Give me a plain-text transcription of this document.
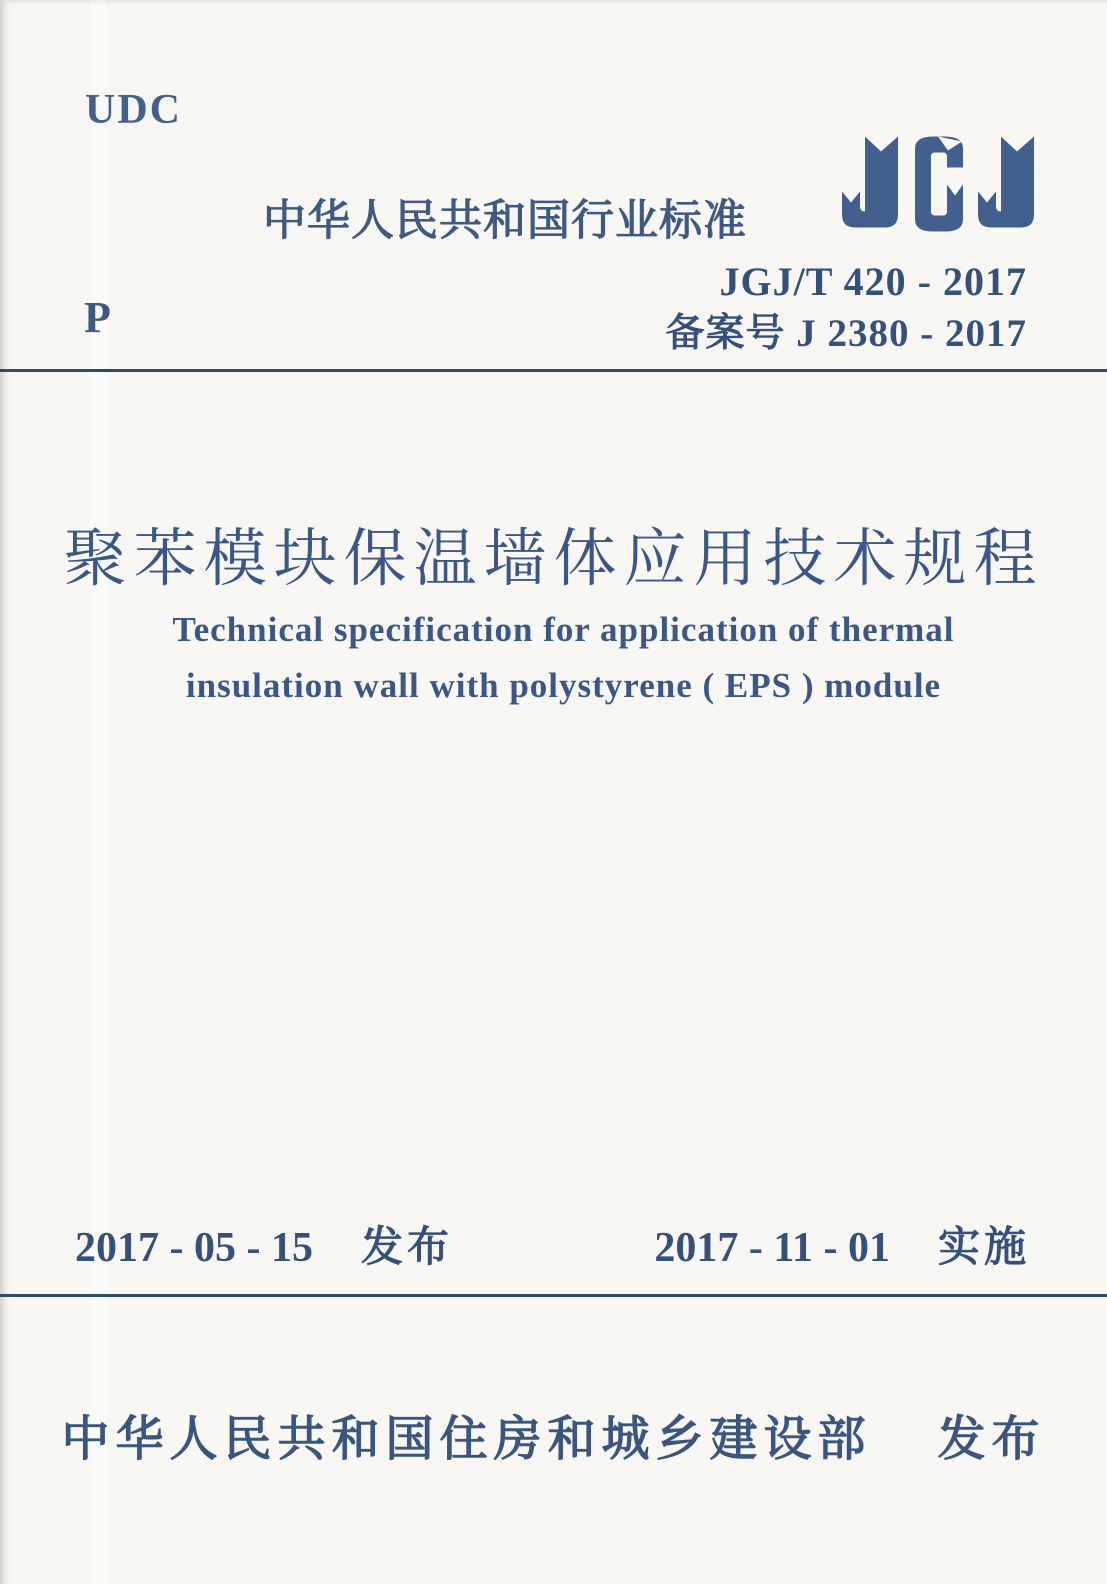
UDC
中华人民共和国行业标准
JGJ/T 420 - 2017
备案号 J 2380 - 2017
P
聚苯模块保温墙体应用技术规程
Technical specification for application of thermal
insulation wall with polystyrene ( EPS ) module
2017 - 05 - 15 发布	2017 - 11 - 01 实施
中华人民共和国住房和城乡建设部 发布
